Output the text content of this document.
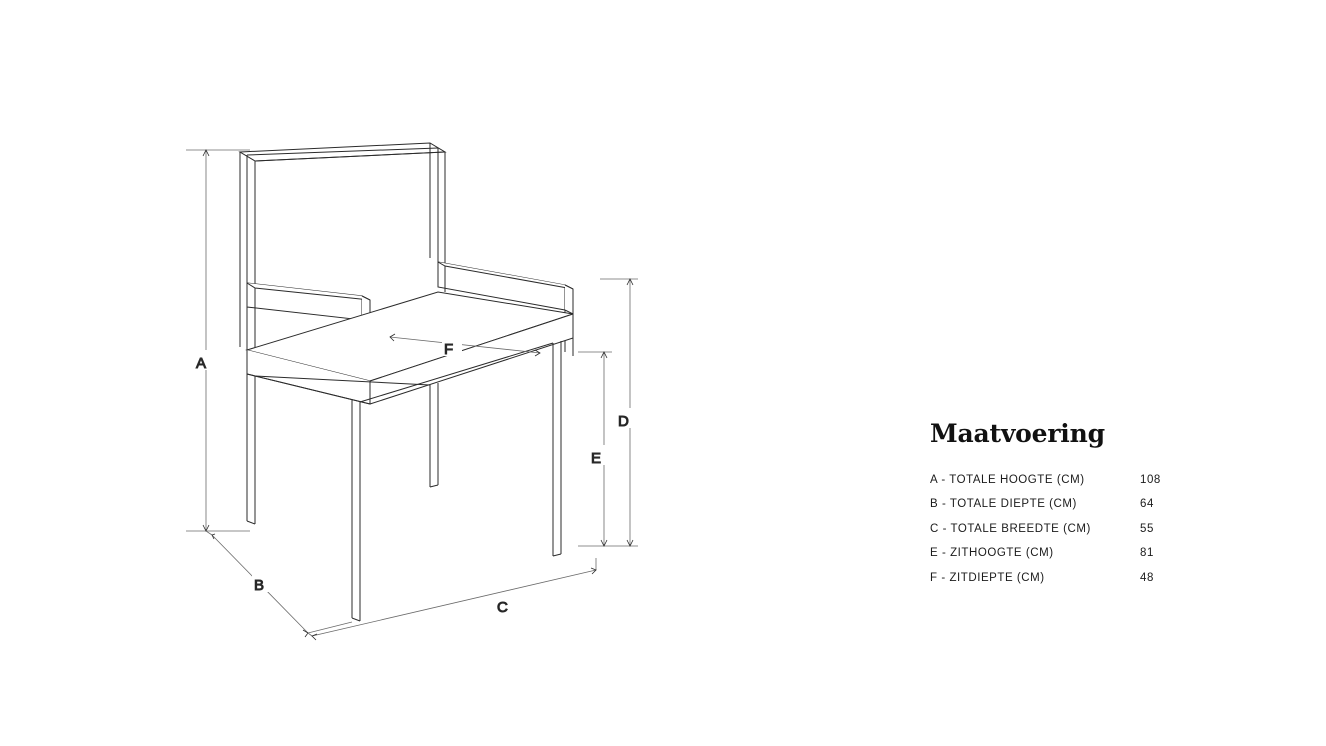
A
B
C
D
E
F
Maatvoering
A - TOTALE HOOGTE (CM)	108
B - TOTALE DIEPTE (CM)	64
C - TOTALE BREEDTE (CM)	55
E - ZITHOOGTE (CM)	81
F - ZITDIEPTE (CM)	48
